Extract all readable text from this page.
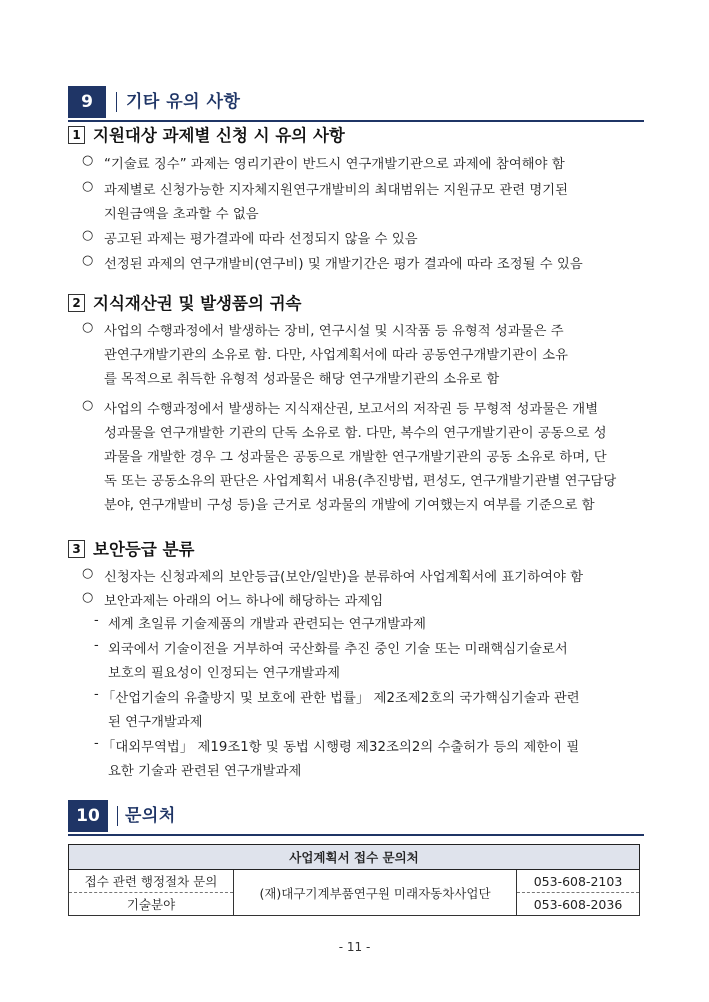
9	기타 유의 사항
1 지원대상 과제별 신청 시 유의 사항
○ “기술료 징수” 과제는 영리기관이 반드시 연구개발기관으로 과제에 참여해야 함
○ 과제별로 신청가능한 지자체지원연구개발비의 최대범위는 지원규모 관련 명기된
지원금액을 초과할 수 없음
○ 공고된 과제는 평가결과에 따라 선정되지 않을 수 있음
○ 선정된 과제의 연구개발비(연구비) 및 개발기간은 평가 결과에 따라 조정될 수 있음
2 지식재산권 및 발생품의 귀속
○ 사업의 수행과정에서 발생하는 장비, 연구시설 및 시작품 등 유형적 성과물은 주
관연구개발기관의 소유로 함. 다만, 사업계획서에 따라 공동연구개발기관이 소유
를 목적으로 취득한 유형적 성과물은 해당 연구개발기관의 소유로 함
○ 사업의 수행과정에서 발생하는 지식재산권, 보고서의 저작권 등 무형적 성과물은 개별
성과물을 연구개발한 기관의 단독 소유로 함. 다만, 복수의 연구개발기관이 공동으로 성
과물을 개발한 경우 그 성과물은 공동으로 개발한 연구개발기관의 공동 소유로 하며, 단
독 또는 공동소유의 판단은 사업계획서 내용(추진방법, 편성도, 연구개발기관별 연구담당
분야, 연구개발비 구성 등)을 근거로 성과물의 개발에 기여했는지 여부를 기준으로 함
3 보안등급 분류
○ 신청자는 신청과제의 보안등급(보안/일반)을 분류하여 사업계획서에 표기하여야 함
○ 보안과제는 아래의 어느 하나에 해당하는 과제임
- 세계 초일류 기술제품의 개발과 관련되는 연구개발과제
- 외국에서 기술이전을 거부하여 국산화를 추진 중인 기술 또는 미래핵심기술로서
보호의 필요성이 인정되는 연구개발과제
- 「산업기술의 유출방지 및 보호에 관한 법률」 제2조제2호의 국가핵심기술과 관련
된 연구개발과제
- 「대외무역법」 제19조1항 및 동법 시행령 제32조의2의 수출허가 등의 제한이 필
요한 기술과 관련된 연구개발과제
10	문의처
사업계획서 접수 문의처		
접수 관련 행정절차 문의	(재)대구기계부품연구원 미래자동차사업단	053-608-2103
기술분야		053-608-2036
- 11 -
